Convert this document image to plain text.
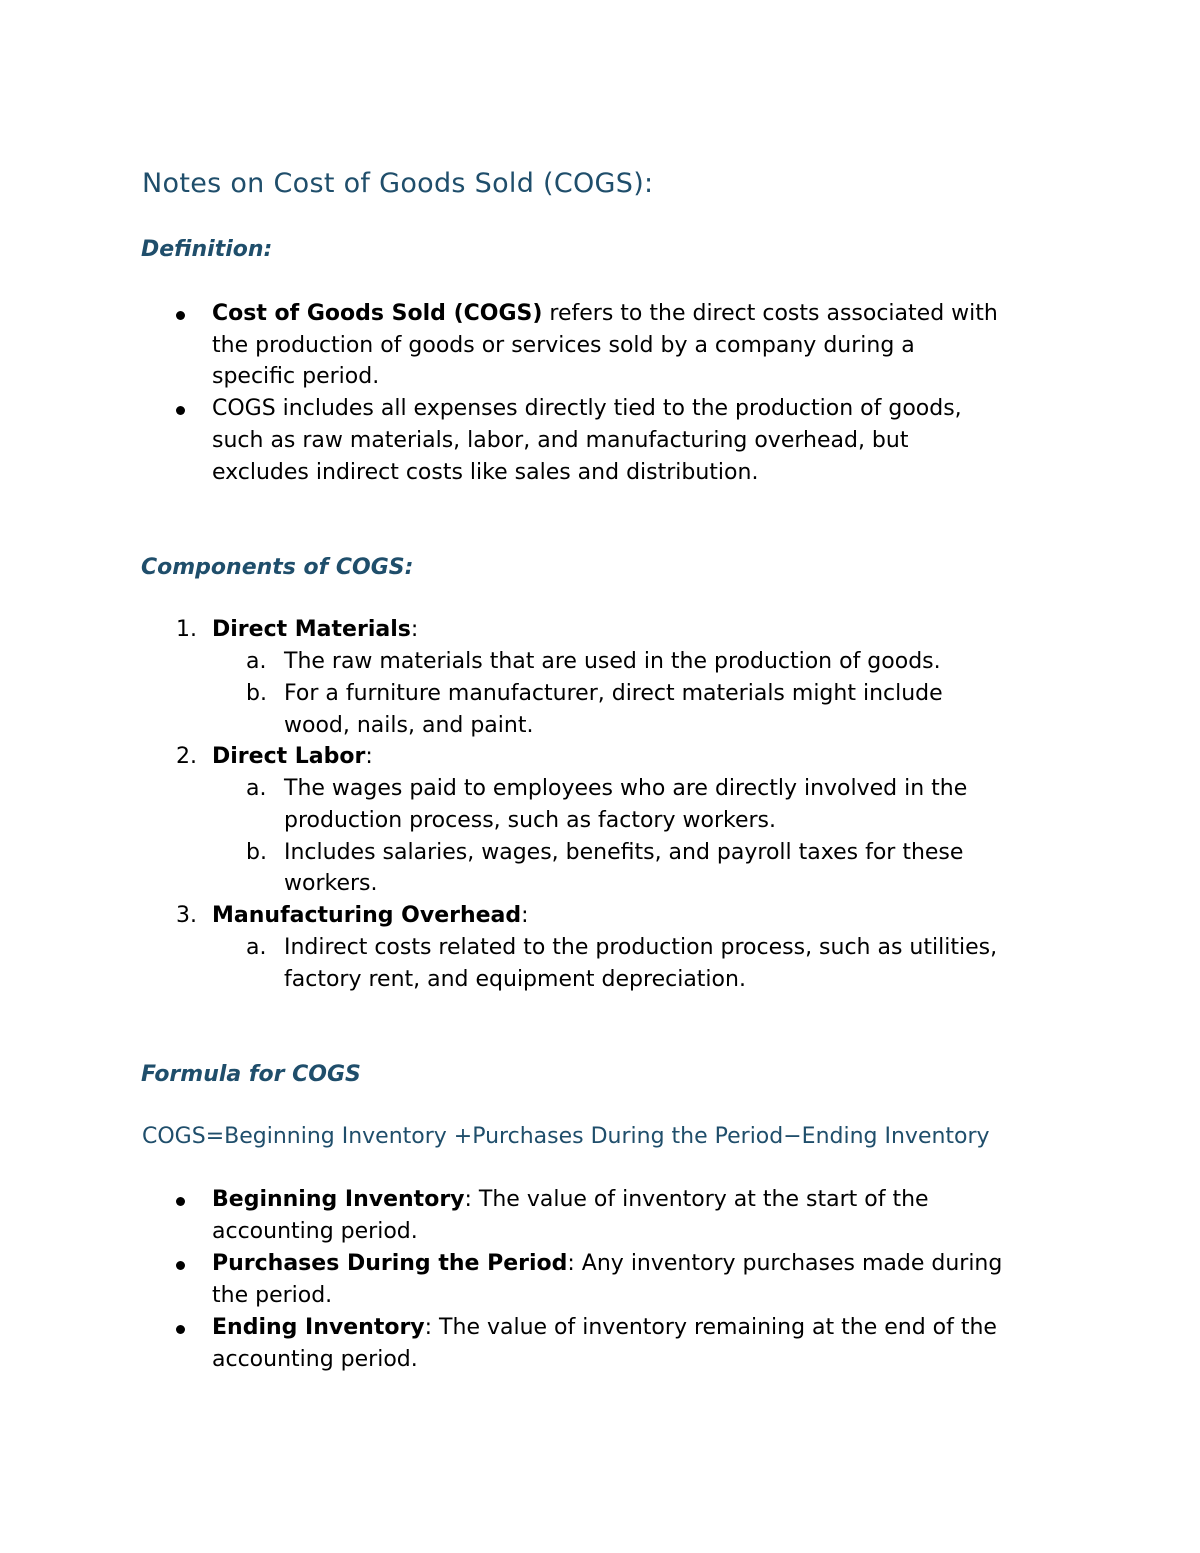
Notes on Cost of Goods Sold (COGS):
Definition:
Cost of Goods Sold (COGS) refers to the direct costs associated with
the production of goods or services sold by a company during a
specific period.
COGS includes all expenses directly tied to the production of goods,
such as raw materials, labor, and manufacturing overhead, but
excludes indirect costs like sales and distribution.
Components of COGS:
1. Direct Materials:
a. The raw materials that are used in the production of goods.
b. For a furniture manufacturer, direct materials might include
wood, nails, and paint.
2. Direct Labor:
a. The wages paid to employees who are directly involved in the
production process, such as factory workers.
b. Includes salaries, wages, benefits, and payroll taxes for these
workers.
3. Manufacturing Overhead:
a. Indirect costs related to the production process, such as utilities,
factory rent, and equipment depreciation.
Formula for COGS
COGS=Beginning Inventory +Purchases During the Period−Ending Inventory
Beginning Inventory: The value of inventory at the start of the
accounting period.
Purchases During the Period: Any inventory purchases made during
the period.
Ending Inventory: The value of inventory remaining at the end of the
accounting period.
